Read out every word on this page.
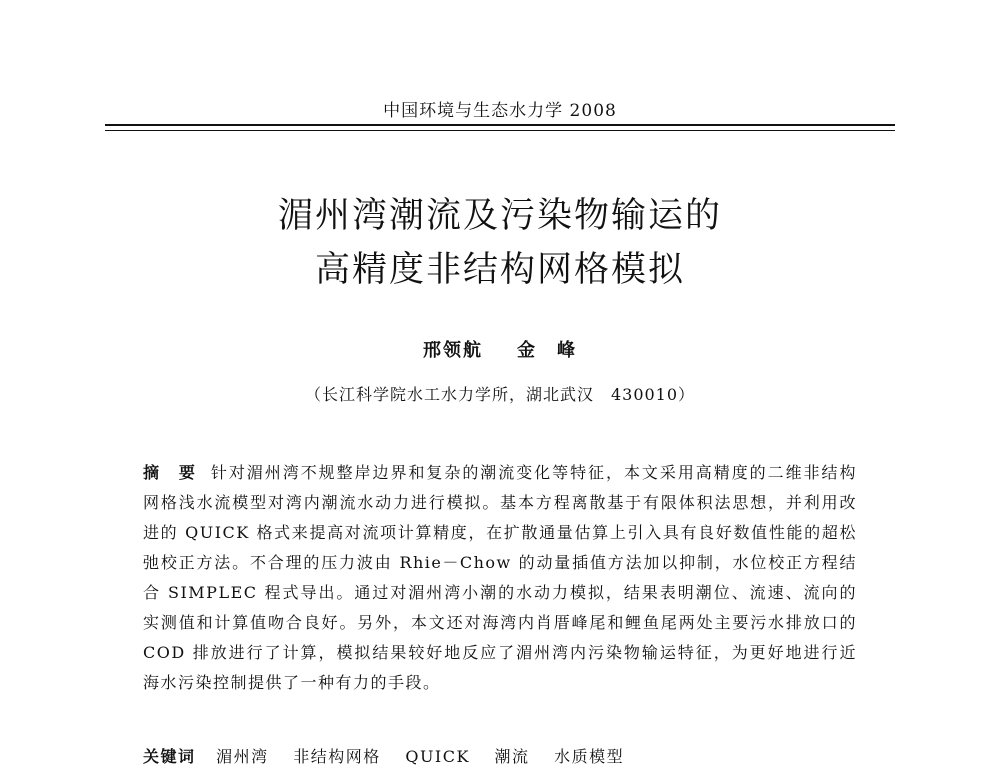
中国环境与生态水力学 2008
湄州湾潮流及污染物输运的
高精度非结构网格模拟
邢领航 金　峰
（长江科学院水工水力学所，湖北武汉　430010）
摘　要 针对湄州湾不规整岸边界和复杂的潮流变化等特征，本文采用高精度的二维非结构网格浅水流模型对湾内潮流水动力进行模拟。基本方程离散基于有限体积法思想，并利用改进的 QUICK 格式来提高对流项计算精度，在扩散通量估算上引入具有良好数值性能的超松弛校正方法。不合理的压力波由 Rhie－Chow 的动量插值方法加以抑制，水位校正方程结合 SIMPLEC 程式导出。通过对湄州湾小潮的水动力模拟，结果表明潮位、流速、流向的实测值和计算值吻合良好。另外，本文还对海湾内肖厝峰尾和鲤鱼尾两处主要污水排放口的 COD 排放进行了计算，模拟结果较好地反应了湄州湾内污染物输运特征，为更好地进行近海水污染控制提供了一种有力的手段。
关键词 湄州湾 非结构网格 QUICK 潮流 水质模型
